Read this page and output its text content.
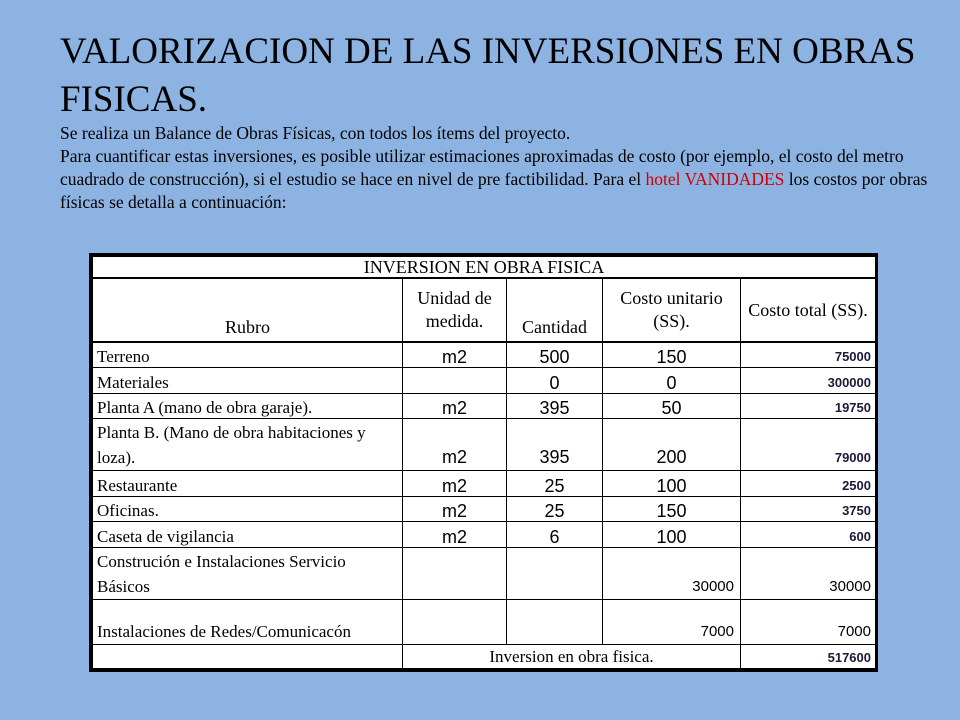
VALORIZACION DE LAS INVERSIONES EN OBRAS FISICAS.

Se realiza un Balance de Obras Físicas, con todos los ítems del proyecto.
Para cuantificar estas inversiones, es posible utilizar estimaciones aproximadas de costo (por ejemplo, el costo del metro cuadrado de construcción), si el estudio se hace en nivel de pre factibilidad. Para el hotel VANIDADES los costos por obras físicas se detalla a continuación:

INVERSION EN OBRA FISICA				
Rubro	Unidad de medida.	Cantidad	Costo unitario (SS).	Costo total (SS).
Terreno	m2	500	150	75000
Materiales		0	0	300000
Planta A (mano de obra garaje).	m2	395	50	19750
Planta B. (Mano de obra habitaciones y loza).	m2	395	200	79000
Restaurante	m2	25	100	2500
Oficinas.	m2	25	150	3750
Caseta de vigilancia	m2	6	100	600
Construción e Instalaciones Servicio Básicos			30000	30000
Instalaciones de Redes/Comunicacón			7000	7000
	Inversion en obra fisica.			517600
